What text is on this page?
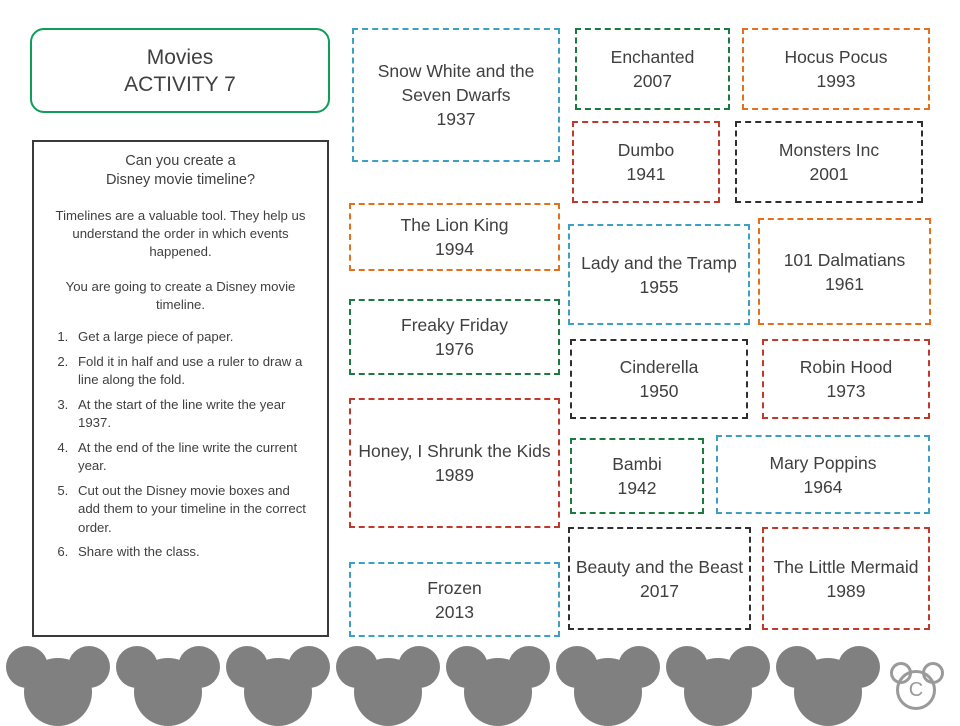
Movies
ACTIVITY 7
Can you create a
Disney movie timeline?
Timelines are a valuable tool. They help us understand the order in which events happened.
You are going to create a Disney movie timeline.
1. Get a large piece of paper.
2. Fold it in half and use a ruler to draw a line along the fold.
3. At the start of the line write the year 1937.
4. At the end of the line write the current year.
5. Cut out the Disney movie boxes and add them to your timeline in the correct order.
6. Share with the class.
Snow White and the Seven Dwarfs
1937
Enchanted
2007
Hocus Pocus
1993
Dumbo
1941
Monsters Inc
2001
The Lion King
1994
Lady and the Tramp
1955
101 Dalmatians
1961
Freaky Friday
1976
Cinderella
1950
Robin Hood
1973
Honey, I Shrunk the Kids
1989
Bambi
1942
Mary Poppins
1964
Beauty and the Beast
2017
The Little Mermaid
1989
Frozen
2013
C
